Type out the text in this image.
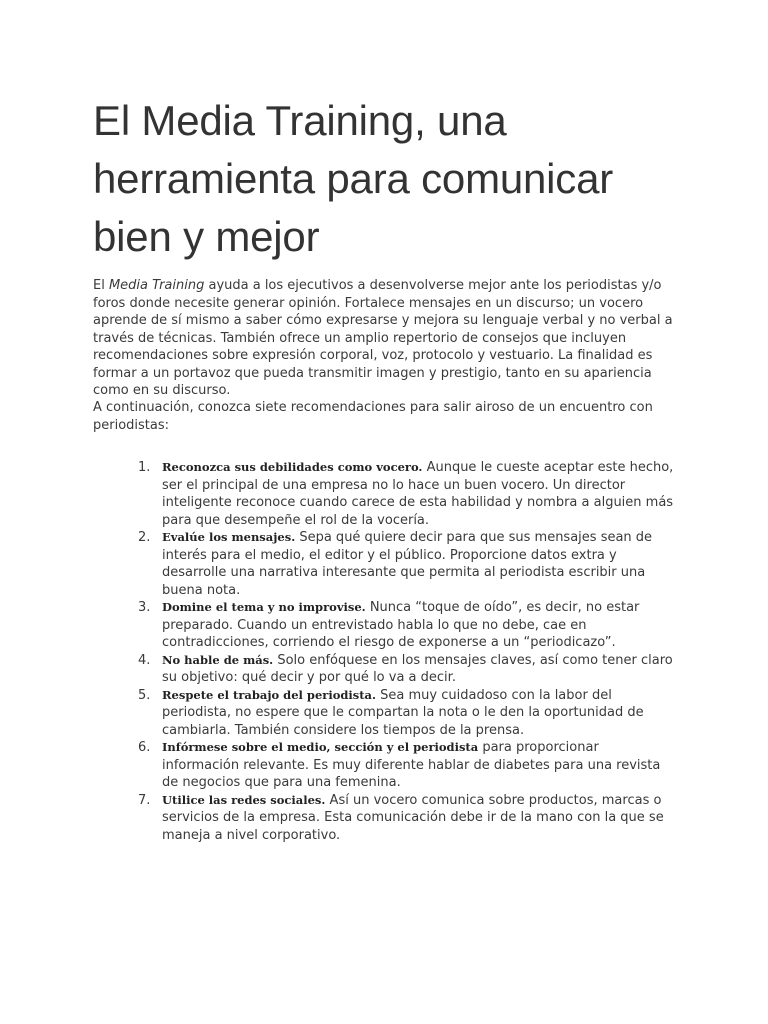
El Media Training, una herramienta para comunicar bien y mejor

El Media Training ayuda a los ejecutivos a desenvolverse mejor ante los periodistas y/o foros donde necesite generar opinión. Fortalece mensajes en un discurso; un vocero aprende de sí mismo a saber cómo expresarse y mejora su lenguaje verbal y no verbal a través de técnicas. También ofrece un amplio repertorio de consejos que incluyen recomendaciones sobre expresión corporal, voz, protocolo y vestuario. La finalidad es formar a un portavoz que pueda transmitir imagen y prestigio, tanto en su apariencia como en su discurso.

A continuación, conozca siete recomendaciones para salir airoso de un encuentro con periodistas:

1. Reconozca sus debilidades como vocero. Aunque le cueste aceptar este hecho, ser el principal de una empresa no lo hace un buen vocero. Un director inteligente reconoce cuando carece de esta habilidad y nombra a alguien más para que desempeñe el rol de la vocería.
2. Evalúe los mensajes. Sepa qué quiere decir para que sus mensajes sean de interés para el medio, el editor y el público. Proporcione datos extra y desarrolle una narrativa interesante que permita al periodista escribir una buena nota.
3. Domine el tema y no improvise. Nunca “toque de oído”, es decir, no estar preparado. Cuando un entrevistado habla lo que no debe, cae en contradicciones, corriendo el riesgo de exponerse a un “periodicazo”.
4. No hable de más. Solo enfóquese en los mensajes claves, así como tener claro su objetivo: qué decir y por qué lo va a decir.
5. Respete el trabajo del periodista. Sea muy cuidadoso con la labor del periodista, no espere que le compartan la nota o le den la oportunidad de cambiarla. También considere los tiempos de la prensa.
6. Infórmese sobre el medio, sección y el periodista para proporcionar información relevante. Es muy diferente hablar de diabetes para una revista de negocios que para una femenina.
7. Utilice las redes sociales. Así un vocero comunica sobre productos, marcas o servicios de la empresa. Esta comunicación debe ir de la mano con la que se maneja a nivel corporativo.
